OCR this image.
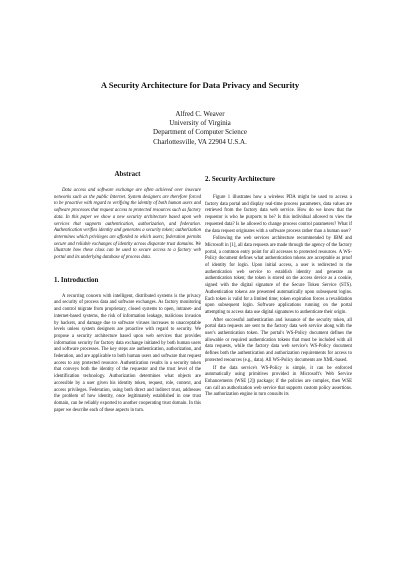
A Security Architecture for Data Privacy and Security
Alfred C. Weaver
University of Virginia
Department of Computer Science
Charlottesville, VA 22904 U.S.A.
Abstract

Data access and software exchange are often achieved over insecure networks such as the public Internet. System designers are therefore forced to be proactive with regard to verifying the identity of both human users and software processes that request access to protected resources such as factory data. In this paper we show a new security architecture based upon web services that supports authentication, authorization, and federation. Authentication verifies identity and generates a security token; authorization determines which privileges are afforded to which users; federation permits secure and reliable exchanges of identity across disparate trust domains. We illustrate how these class can be used to secure access to a factory web portal and its underlying database of process data.

1. Introduction

A recurring concern with intelligent, distributed systems is the privacy and security of process data and software exchanges. As factory monitoring and control migrate from proprietary, closed systems to open, intranet- and internet-based systems, the risk of information leakage, malicious invasion by hackers, and damage due to software viruses increases to unacceptable levels unless system designers are proactive with regard to security. We propose a security architecture based upon web services that provides information security for factory data exchange initiated by both human users and software processes. The key steps are authentication, authorization, and federation, and are applicable to both human users and software that request access to any protected resource. Authentication results in a security token that conveys both the identity of the requestor and the trust level of the identification technology. Authorization determines what objects are accessible by a user given his identity token, request, role, context, and access privileges. Federation, using both direct and indirect trust, addresses the problem of how identity, once legitimately established in one trust domain, can be reliably exported to another cooperating trust domain. In this paper we describe each of these aspects in turn.

2. Security Architecture

Figure 1 illustrates how a wireless PDA might be used to access a factory data portal and display real-time process parameters, data values are retrieved from the factory data web service. How do we know that the requestor is who he purports to be? Is this individual allowed to view the requested data? Is he allowed to change process control parameters? What if the data request originates with a software process rather than a human user?

Following the web services architecture recommended by IBM and Microsoft in [1], all data requests are made through the agency of the factory portal, a common entry point for all accesses to protected resources. A WS-Policy document defines what authentication tokens are acceptable as proof of identity for login. Upon initial access, a user is redirected to the authentication web service to establish identity and generate an authentication token; the token is stored on the access device as a cookie, signed with the digital signature of the Secure Token Service (STS). Authentication tokens are presented automatically upon subsequent logins. Each token is valid for a limited time; token expiration forces a revalidation upon subsequent login. Software applications running on the portal attempting to access data use digital signatures to authenticate their origin.

After successful authentication and issuance of the security token, all portal data requests are sent to the factory data web service along with the user's authentication token. The portal's WS-Policy document defines the allowable or required authentication tokens that must be included with all data requests, while the factory data web service's WS-Policy document defines both the authentication and authorization requirements for access to protected resources (e.g., data). All WS-Policy documents are XML-based.

If the data service's WS-Policy is simple, it can be enforced automatically using primitives provided in Microsoft's Web Service Enhancements (WSE [2]) package; if the policies are complex, then WSE can call an authorization web service that supports custom policy assertions. The authorization engine in turn consults its
